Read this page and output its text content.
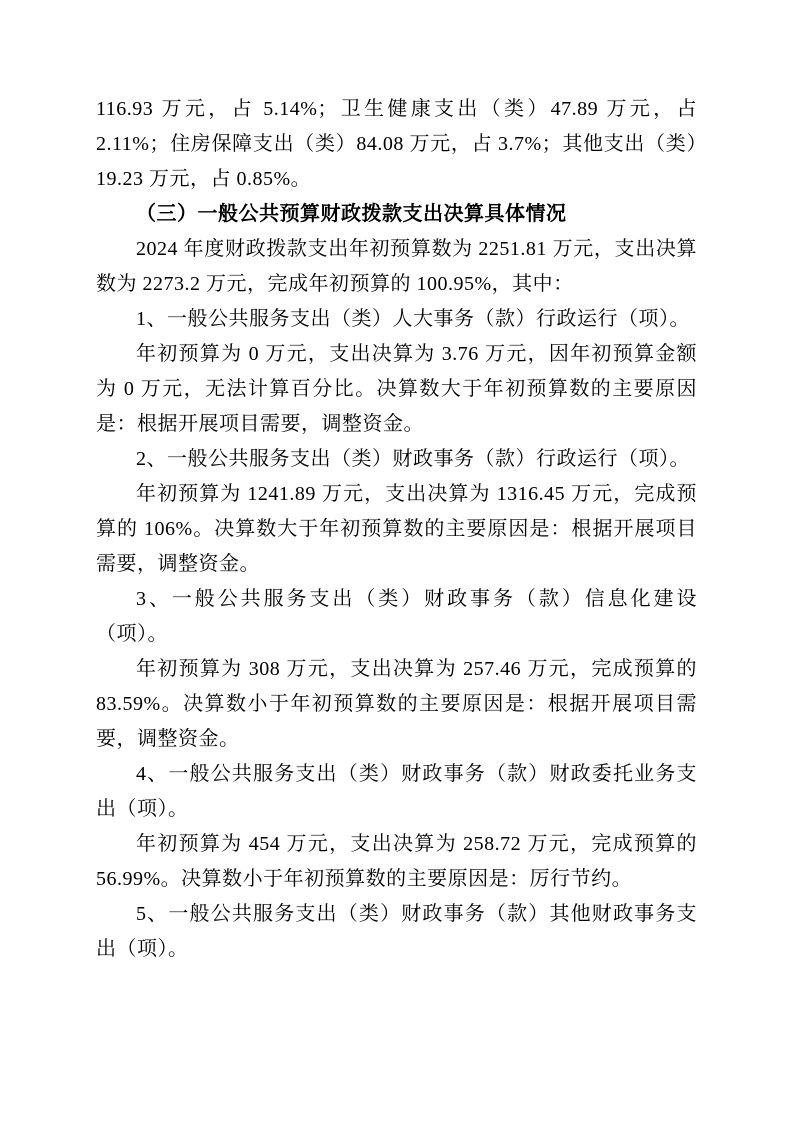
116.93 万元，占 5.14%；卫生健康支出（类）47.89 万元，占 2.11%；住房保障支出（类）84.08 万元，占 3.7%；其他支出（类）19.23 万元，占 0.85%。

（三）一般公共预算财政拨款支出决算具体情况

2024 年度财政拨款支出年初预算数为 2251.81 万元，支出决算数为 2273.2 万元，完成年初预算的 100.95%，其中：

1、一般公共服务支出（类）人大事务（款）行政运行（项）。

年初预算为 0 万元，支出决算为 3.76 万元，因年初预算金额为 0 万元，无法计算百分比。决算数大于年初预算数的主要原因是：根据开展项目需要，调整资金。

2、一般公共服务支出（类）财政事务（款）行政运行（项）。

年初预算为 1241.89 万元，支出决算为 1316.45 万元，完成预算的 106%。决算数大于年初预算数的主要原因是：根据开展项目需要，调整资金。

3、一般公共服务支出（类）财政事务（款）信息化建设（项）。

年初预算为 308 万元，支出决算为 257.46 万元，完成预算的 83.59%。决算数小于年初预算数的主要原因是：根据开展项目需要，调整资金。

4、一般公共服务支出（类）财政事务（款）财政委托业务支出（项）。

年初预算为 454 万元，支出决算为 258.72 万元，完成预算的 56.99%。决算数小于年初预算数的主要原因是：厉行节约。

5、一般公共服务支出（类）财政事务（款）其他财政事务支出（项）。
